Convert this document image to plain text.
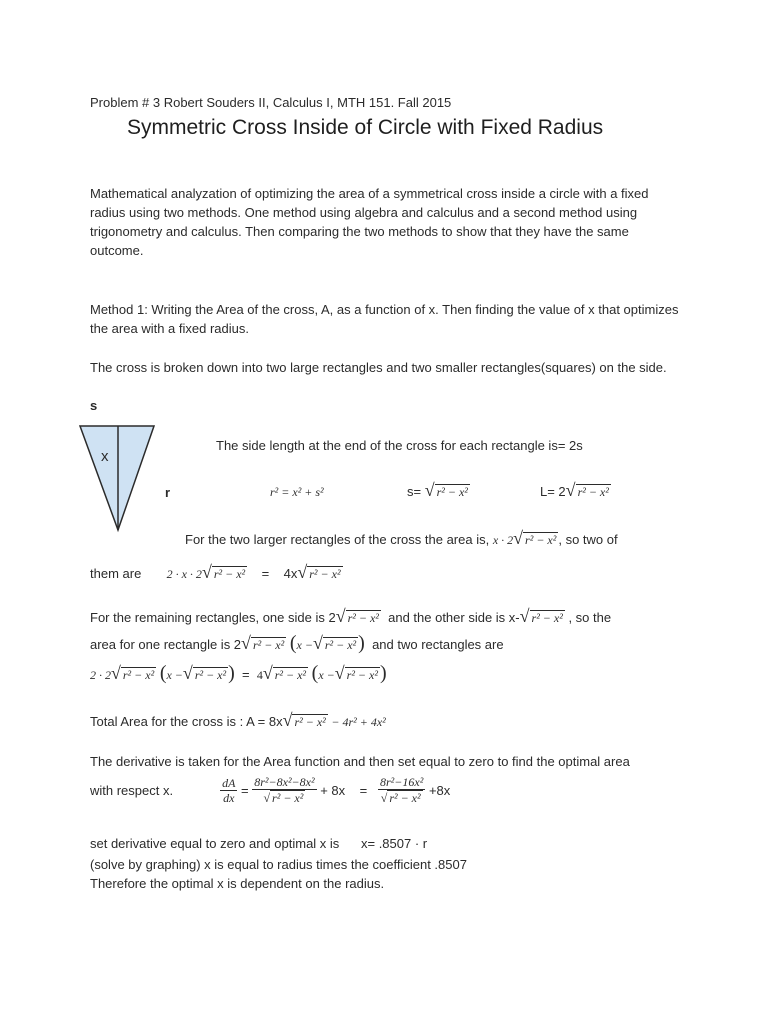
Problem # 3 Robert Souders II, Calculus I, MTH 151. Fall 2015
Symmetric Cross Inside of Circle with Fixed Radius
Mathematical analyzation of optimizing the area of a symmetrical cross inside a circle with a fixed radius using two methods. One method using algebra and calculus and a second method using trigonometry and calculus. Then comparing the two methods to show that they have the same outcome.
Method 1: Writing the Area of the cross, A, as a function of x. Then finding the value of x that optimizes the area with a fixed radius.
The cross is broken down into two large rectangles and two smaller rectangles(squares) on the side.
s
x
r
The side length at the end of the cross for each rectangle is= 2s
r² = x² + s²	s= √ r² − x²	L= 2√ r² − x²
For the two larger rectangles of the cross the area is, x · 2√ r² − x² , so two of
them are 2 · x · 2√ r² − x² = 4x√ r² − x²
For the remaining rectangles, one side is 2√ r² − x² and the other side is x-√ r² − x² , so the
area for one rectangle is 2√ r² − x² (x −√ r² − x² ) and two rectangles are
2 · 2√ r² − x² (x −√ r² − x² ) = 4√ r² − x² (x −√ r² − x² )
Total Area for the cross is : A = 8x√ r² − x² − 4r² + 4x²
The derivative is taken for the Area function and then set equal to zero to find the optimal area
with respect x.	$\frac{dA}{dx} = \frac{\text{8r²−8x²−8x²}}{\text{√ r² − x²}} + 8x = \frac{\text{8r²−16x²}}{\text{√ r² − x²}} +8x$
set derivative equal to zero and optimal x is x= .8507 · r
(solve by graphing) x is equal to radius times the coefficient .8507
Therefore the optimal x is dependent on the radius.
